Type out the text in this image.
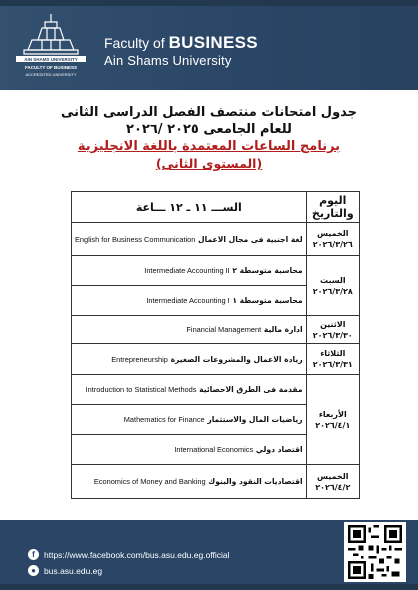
AIN SHAMS UNIVERSITY
FACULTY OF BUSINESS
ACCREDITED UNIVERSITY
Faculty of BUSINESS
Ain Shams University
جدول امتحانات منتصف الفصل الدراسى الثانى
للعام الجامعى ٢٠٢٥ /٢٠٢٦
برنامج الساعات المعتمدة باللغة الانجليزية
(المستوى الثانى)
اليوم والتاريخ	الســـ ١١ ـ ١٢ ـــاعة

الخميس
٢٠٢٦/٣/٢٦	لغة اجنبية فى مجال الاعمال English for Business Communication

السبت
٢٠٢٦/٣/٢٨	محاسبة متوسطة ٢ Intermediate Accounting II
	محاسبة متوسطة ١ Intermediate Accounting I

الاثنين
٢٠٢٦/٣/٣٠	ادارة مالية Financial Management

الثلاثاء
٢٠٢٦/٣/٣١	ريادة الاعمال والمشروعات الصغيرة Entrepreneurship

الأربعاء
٢٠٢٦/٤/١	مقدمة فى الطرق الاحصائية Introduction to Statistical Methods
	رياضيات المال والاستثمار Mathematics for Finance
	اقتصاد دولي International Economics

الخميس
٢٠٢٦/٤/٢	اقتصاديات النقود والبنوك Economics of Money and Banking
f	https://www.facebook.com/bus.asu.edu.eg.official
● bus.asu.edu.eg
